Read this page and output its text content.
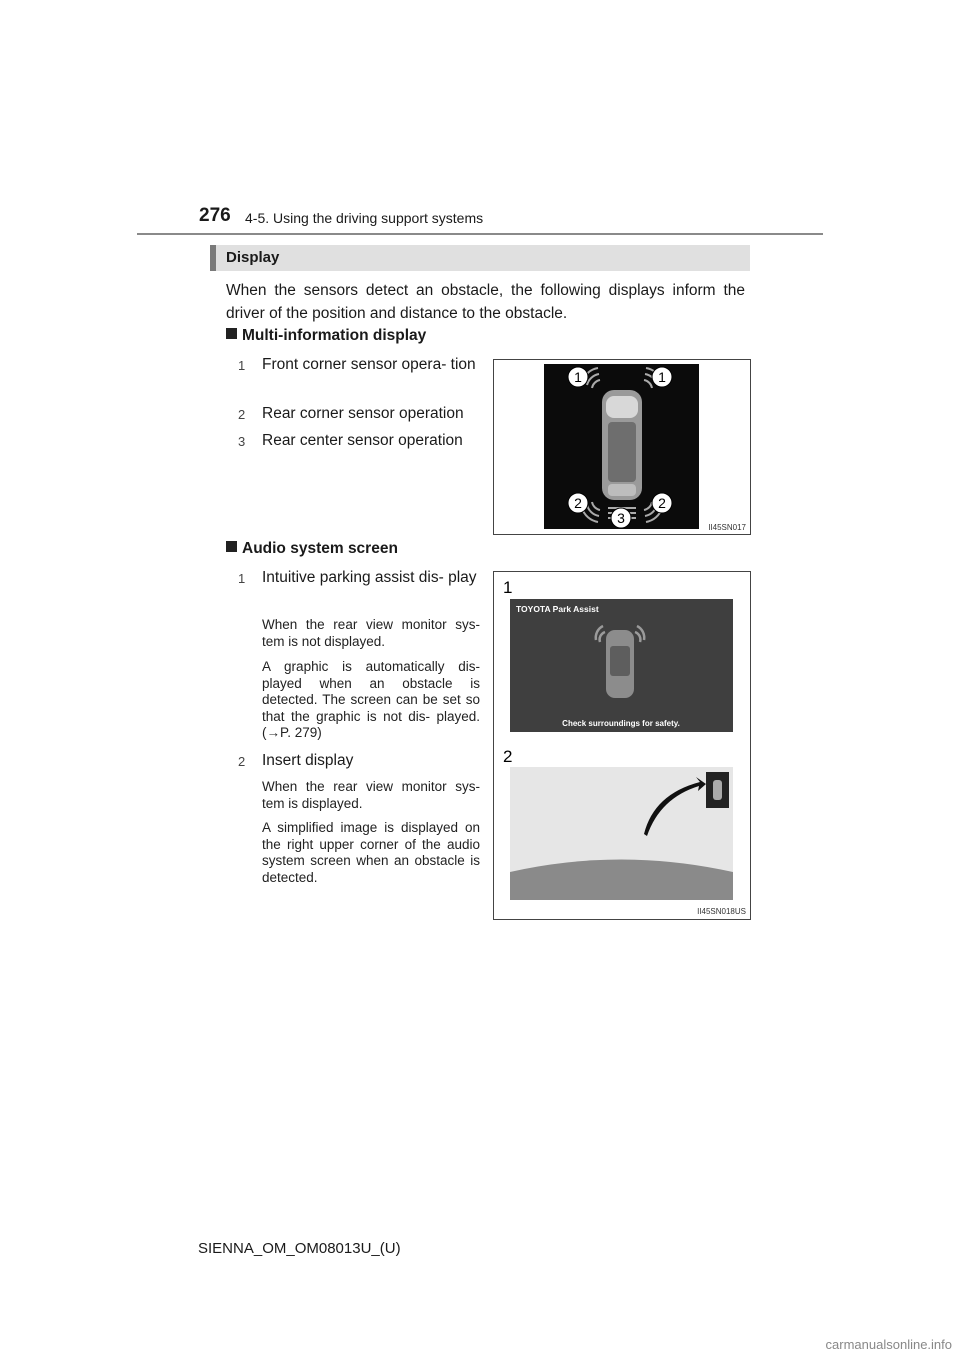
276 4-5. Using the driving support systems
Display
When the sensors detect an obstacle, the following displays inform the driver of the position and distance to the obstacle.
Multi-information display
1 Front corner sensor opera- tion
2 Rear corner sensor operation
3 Rear center sensor operation
1	1
2	2
3
II45SN017
Audio system screen
1 Intuitive parking assist dis- play
When the rear view monitor sys- tem is not displayed.
A graphic is automatically dis- played when an obstacle is detected. The screen can be set so that the graphic is not dis- played. (→P. 279)
2 Insert display
When the rear view monitor sys- tem is displayed.
A simplified image is displayed on the right upper corner of the audio system screen when an obstacle is detected.
1
TOYOTA Park Assist
Check surroundings for safety.
2
II45SN018US
SIENNA_OM_OM08013U_(U)
carmanualsonline.info
